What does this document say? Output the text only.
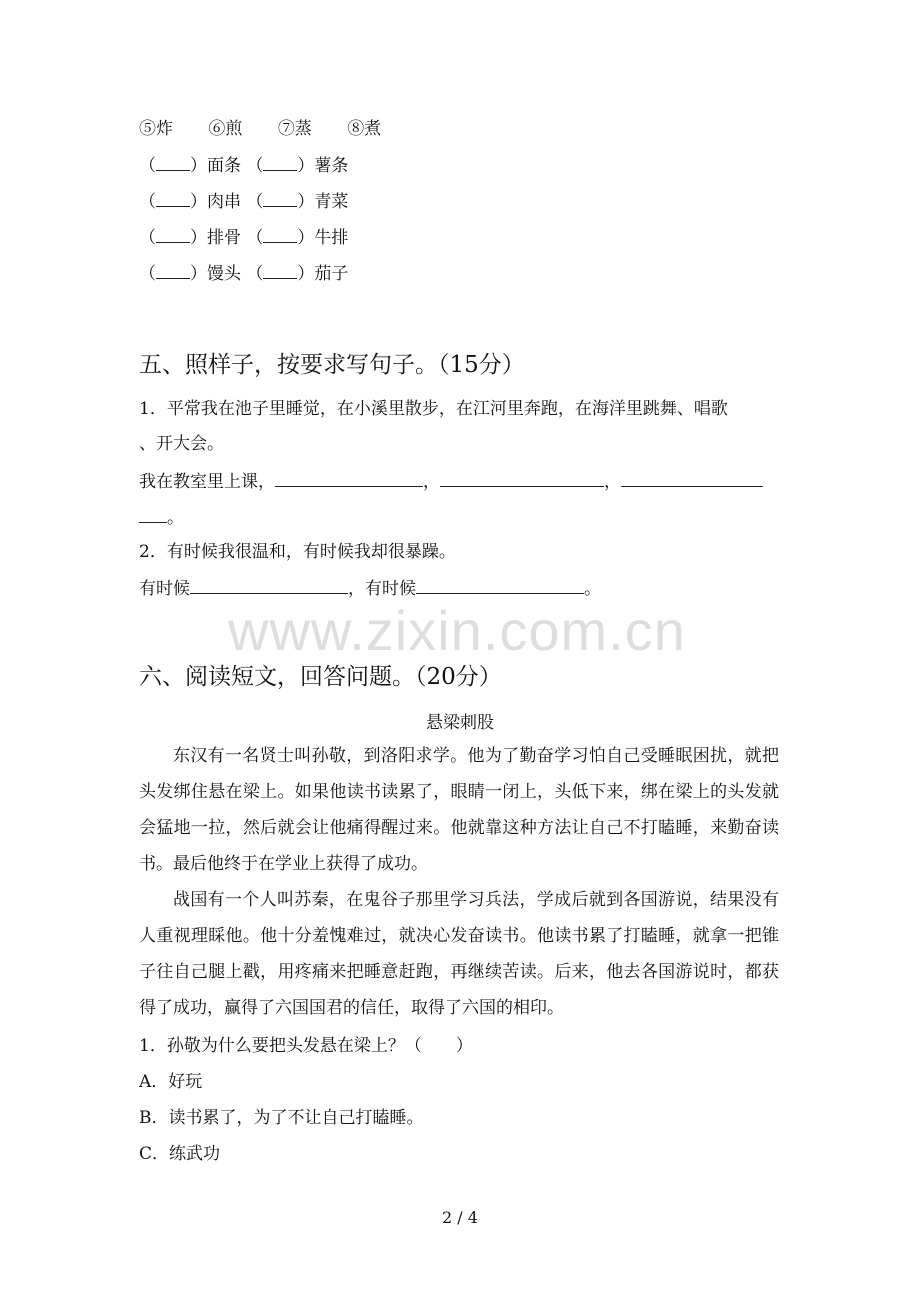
⑤炸 ⑥煎 ⑦蒸 ⑧煮
（ ）面条 （ ）薯条
（ ）肉串 （ ）青菜
（ ）排骨 （ ）牛排
（ ）馒头 （ ）茄子
五、照样子，按要求写句子。（15分）
1．平常我在池子里睡觉，在小溪里散步，在江河里奔跑，在海洋里跳舞、唱歌
、开大会。
我在教室里上课，	，	，
。
2．有时候我很温和，有时候我却很暴躁。
有时候	，有时候	。
www.zixin.com.cn
六、阅读短文，回答问题。（20分）
悬梁刺股
东汉有一名贤士叫孙敬，到洛阳求学。他为了勤奋学习怕自己受睡眠困扰，就把头发绑住悬在梁上。如果他读书读累了，眼睛一闭上，头低下来，绑在梁上的头发就会猛地一拉，然后就会让他痛得醒过来。他就靠这种方法让自己不打瞌睡，来勤奋读书。最后他终于在学业上获得了成功。
战国有一个人叫苏秦，在鬼谷子那里学习兵法，学成后就到各国游说，结果没有人重视理睬他。他十分羞愧难过，就决心发奋读书。他读书累了打瞌睡，就拿一把锥子往自己腿上戳，用疼痛来把睡意赶跑，再继续苦读。后来，他去各国游说时，都获得了成功，赢得了六国国君的信任，取得了六国的相印。
1．孙敬为什么要把头发悬在梁上？（　　）
A．好玩
B．读书累了，为了不让自己打瞌睡。
C．练武功
2 / 4
